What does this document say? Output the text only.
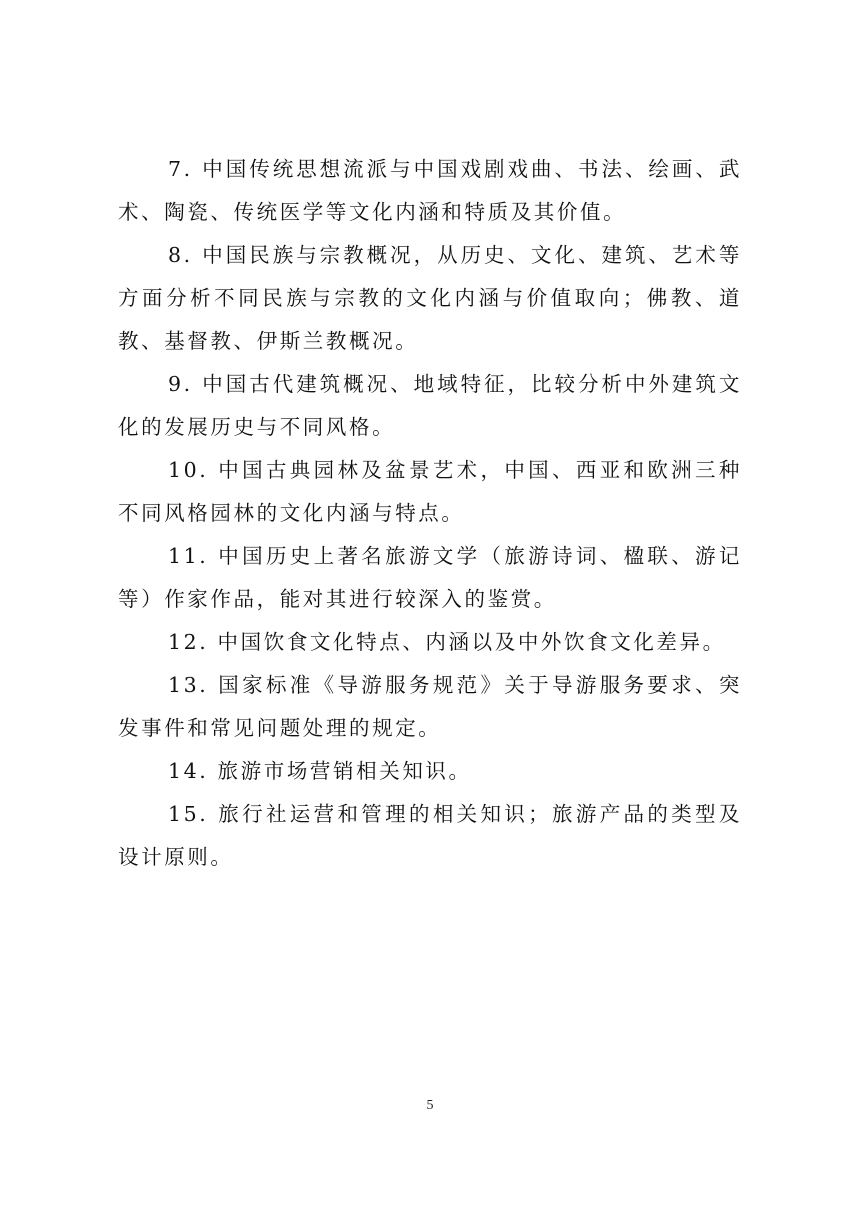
7. 中国传统思想流派与中国戏剧戏曲、书法、绘画、武术、陶瓷、传统医学等文化内涵和特质及其价值。

8. 中国民族与宗教概况，从历史、文化、建筑、艺术等方面分析不同民族与宗教的文化内涵与价值取向；佛教、道教、基督教、伊斯兰教概况。

9. 中国古代建筑概况、地域特征，比较分析中外建筑文化的发展历史与不同风格。

10. 中国古典园林及盆景艺术，中国、西亚和欧洲三种不同风格园林的文化内涵与特点。

11. 中国历史上著名旅游文学（旅游诗词、楹联、游记等）作家作品，能对其进行较深入的鉴赏。

12. 中国饮食文化特点、内涵以及中外饮食文化差异。

13. 国家标准《导游服务规范》关于导游服务要求、突发事件和常见问题处理的规定。

14. 旅游市场营销相关知识。

15. 旅行社运营和管理的相关知识；旅游产品的类型及设计原则。

5
